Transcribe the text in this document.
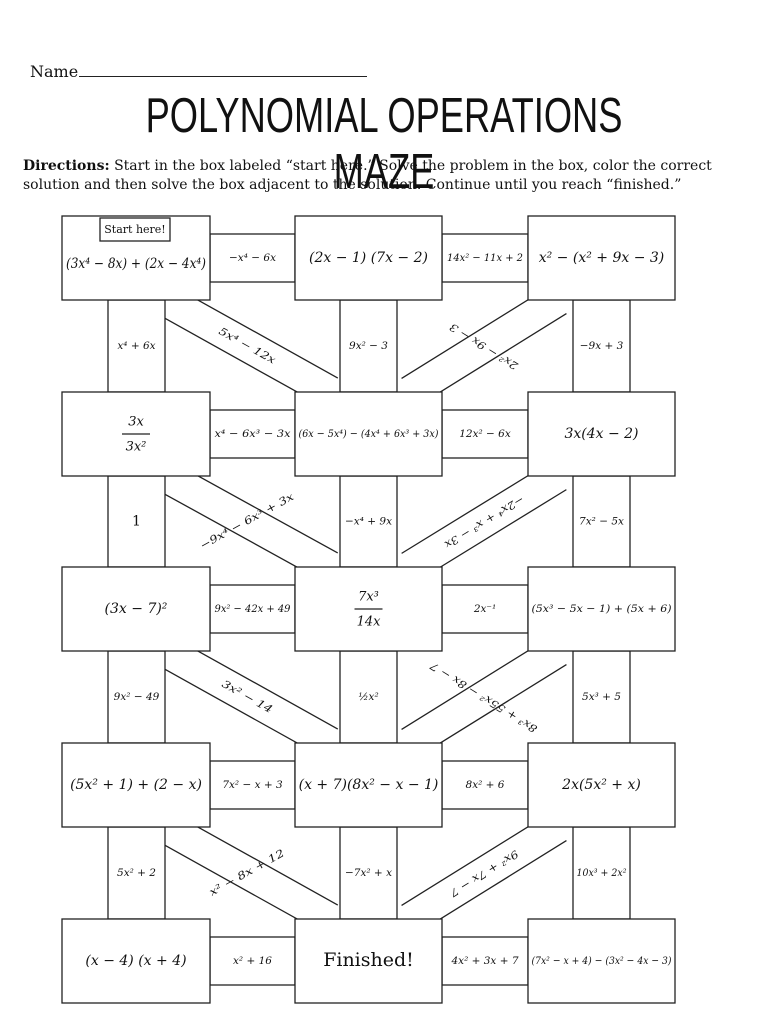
Name
POLYNOMIAL OPERATIONS MAZE
Directions: Start in the box labeled “start here.” Solve the problem in the box, color the correct solution and then solve the box adjacent to the solution. Continue until you reach “finished.”
(3x⁴ − 8x) + (2x − 4x⁴)	(2x − 1) (7x − 2)	x² − (x² + 9x − 3)
3x
3x²
(6x − 5x⁴) − (4x⁴ + 6x³ + 3x)	3x(4x − 2)
(3x − 7)²
7x³
14x
(5x³ − 5x − 1) + (5x + 6)
(5x² + 1) + (2 − x)	(x + 7)(8x² − x − 1)	2x(5x² + x)
(x − 4) (x + 4)	Finished!	(7x² − x + 4) − (3x² − 4x − 3)
Start here!
−x⁴ − 6x	14x² − 11x + 2
x⁴ − 6x³ − 3x	12x² − 6x
9x² − 42x + 49	2x⁻¹
7x² − x + 3	8x² + 6
x² + 16	4x² + 3x + 7
x⁴ + 6x	9x² − 3	−9x + 3
1	−x⁴ + 9x	7x² − 5x
9x² − 49	½x²	5x³ + 5
5x² + 2	−7x² + x	10x³ + 2x²
5x⁴ − 12x	2x² − 9x − 3
−9x⁴ − 6x³ + 3x	−2x⁴ + x³ − 3x
3x² − 14	8x³ + 55x² − 8x − 7
x² − 8x + 12	9x² + 7x − 7
